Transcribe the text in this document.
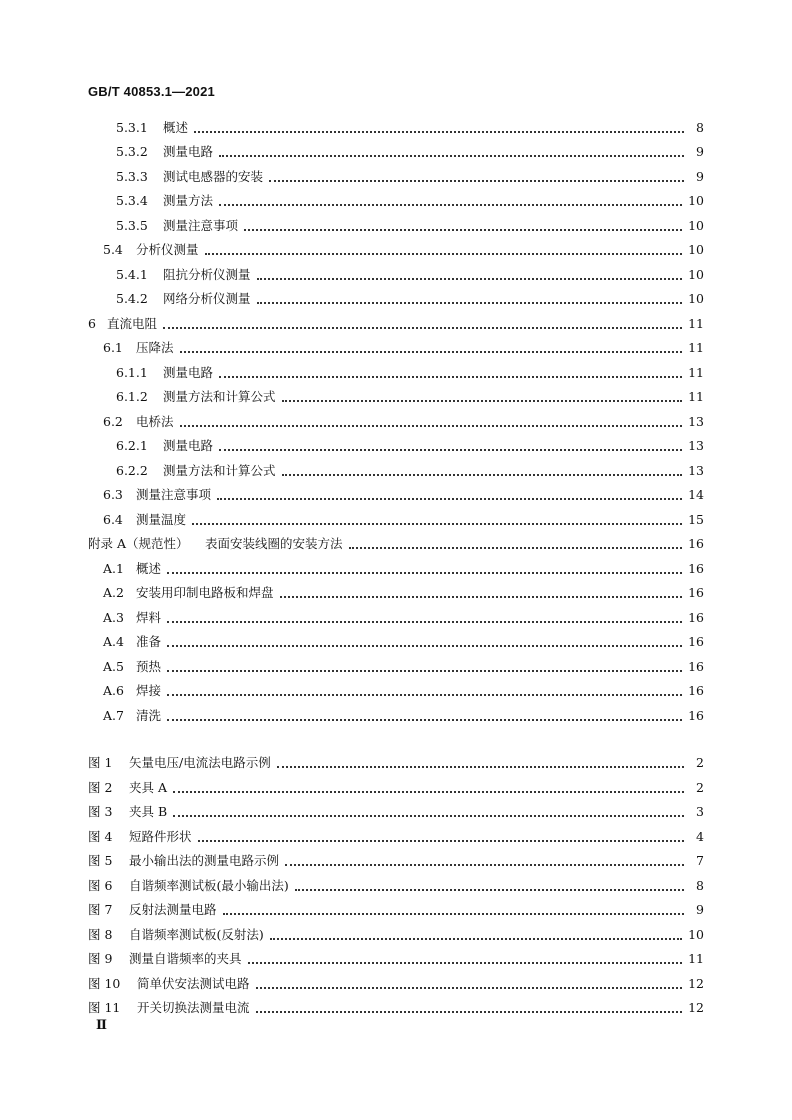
GB/T 40853.1—2021
5.3.1 概述	8
5.3.2 测量电路	9
5.3.3 测试电感器的安装	9
5.3.4 测量方法	10
5.3.5 测量注意事项	10
5.4 分析仪测量	10
5.4.1 阻抗分析仪测量	10
5.4.2 网络分析仪测量	10
6 直流电阻	11
6.1 压降法	11
6.1.1 测量电路	11
6.1.2 测量方法和计算公式	11
6.2 电桥法	13
6.2.1 测量电路	13
6.2.2 测量方法和计算公式	13
6.3 测量注意事项	14
6.4 测量温度	15
附录 A（规范性） 表面安装线圈的安装方法	16
A.1 概述	16
A.2 安装用印制电路板和焊盘	16
A.3 焊料	16
A.4 准备	16
A.5 预热	16
A.6 焊接	16
A.7 清洗	16
图 1 矢量电压/电流法电路示例	2
图 2 夹具 A	2
图 3 夹具 B	3
图 4 短路件形状	4
图 5 最小输出法的测量电路示例	7
图 6 自谐频率测试板(最小输出法)	8
图 7 反射法测量电路	9
图 8 自谐频率测试板(反射法)	10
图 9 测量自谐频率的夹具	11
图 10 简单伏安法测试电路	12
图 11 开关切换法测量电流	12
Ⅱ
